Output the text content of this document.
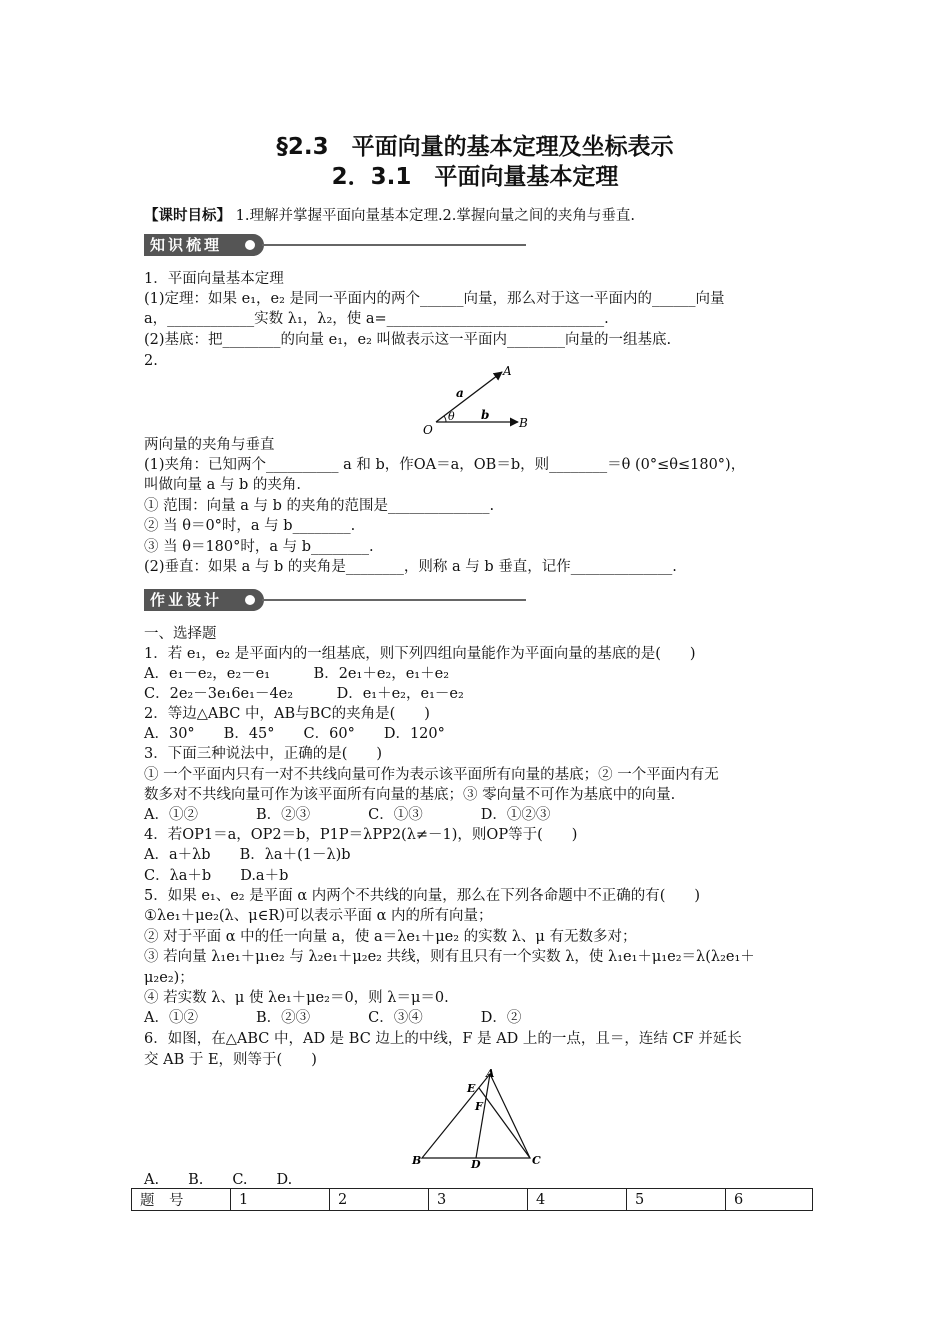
§2.3　平面向量的基本定理及坐标表示
2．3.1　平面向量基本定理
【课时目标】 1.理解并掌握平面向量基本定理.2.掌握向量之间的夹角与垂直.
知识梳理
1．平面向量基本定理
(1)定理：如果 e₁，e₂ 是同一平面内的两个______向量，那么对于这一平面内的______向量
a，____________实数 λ₁，λ₂，使 a=______________________________.
(2)基底：把________的向量 e₁，e₂ 叫做表示这一平面内________向量的一组基底.
2.
A
a
θ b
O	B
两向量的夹角与垂直
(1)夹角：已知两个__________ a 和 b，作OA＝a，OB＝b，则________＝θ (0°≤θ≤180°)，
叫做向量 a 与 b 的夹角.
① 范围：向量 a 与 b 的夹角的范围是______________.
② 当 θ＝0°时，a 与 b________.
③ 当 θ＝180°时，a 与 b________.
(2)垂直：如果 a 与 b 的夹角是________，则称 a 与 b 垂直，记作______________.
作业设计
一、选择题
1．若 e₁，e₂ 是平面内的一组基底，则下列四组向量能作为平面向量的基底的是(　　)
A．e₁－e₂，e₂－e₁　　　B．2e₁＋e₂，e₁＋e₂
C．2e₂－3e₁6e₁－4e₂　　　D．e₁＋e₂，e₁－e₂
2．等边△ABC 中，AB与BC的夹角是(　　)
A．30°　　B．45°　　C．60°　　D．120°
3．下面三种说法中，正确的是(　　)
① 一个平面内只有一对不共线向量可作为表示该平面所有向量的基底；② 一个平面内有无
数多对不共线向量可作为该平面所有向量的基底；③ 零向量不可作为基底中的向量.
A．①②　　　　B．②③　　　　C．①③　　　　D．①②③
4．若OP1＝a，OP2＝b，P1P＝λPP2(λ≠－1)，则OP等于(　　)
A．a＋λb　　B．λa＋(1－λ)b
C．λa＋b　　D.a＋b
5．如果 e₁、e₂ 是平面 α 内两个不共线的向量，那么在下列各命题中不正确的有(　　)
①λe₁＋μe₂(λ、μ∈R)可以表示平面 α 内的所有向量；
② 对于平面 α 中的任一向量 a，使 a＝λe₁＋μe₂ 的实数 λ、μ 有无数多对；
③ 若向量 λ₁e₁＋μ₁e₂ 与 λ₂e₁＋μ₂e₂ 共线，则有且只有一个实数 λ，使 λ₁e₁＋μ₁e₂＝λ(λ₂e₁＋
μ₂e₂)；
④ 若实数 λ、μ 使 λe₁＋μe₂＝0，则 λ＝μ＝0.
A．①②　　　　B．②③　　　　C．③④　　　　D．②
6．如图，在△ABC 中，AD 是 BC 边上的中线，F 是 AD 上的一点，且＝，连结 CF 并延长
交 AB 于 E，则等于(　　)
A
E
F
B	D	C
A.　　B.　　C.　　D.
题　号	1	2	3	4	5	6
